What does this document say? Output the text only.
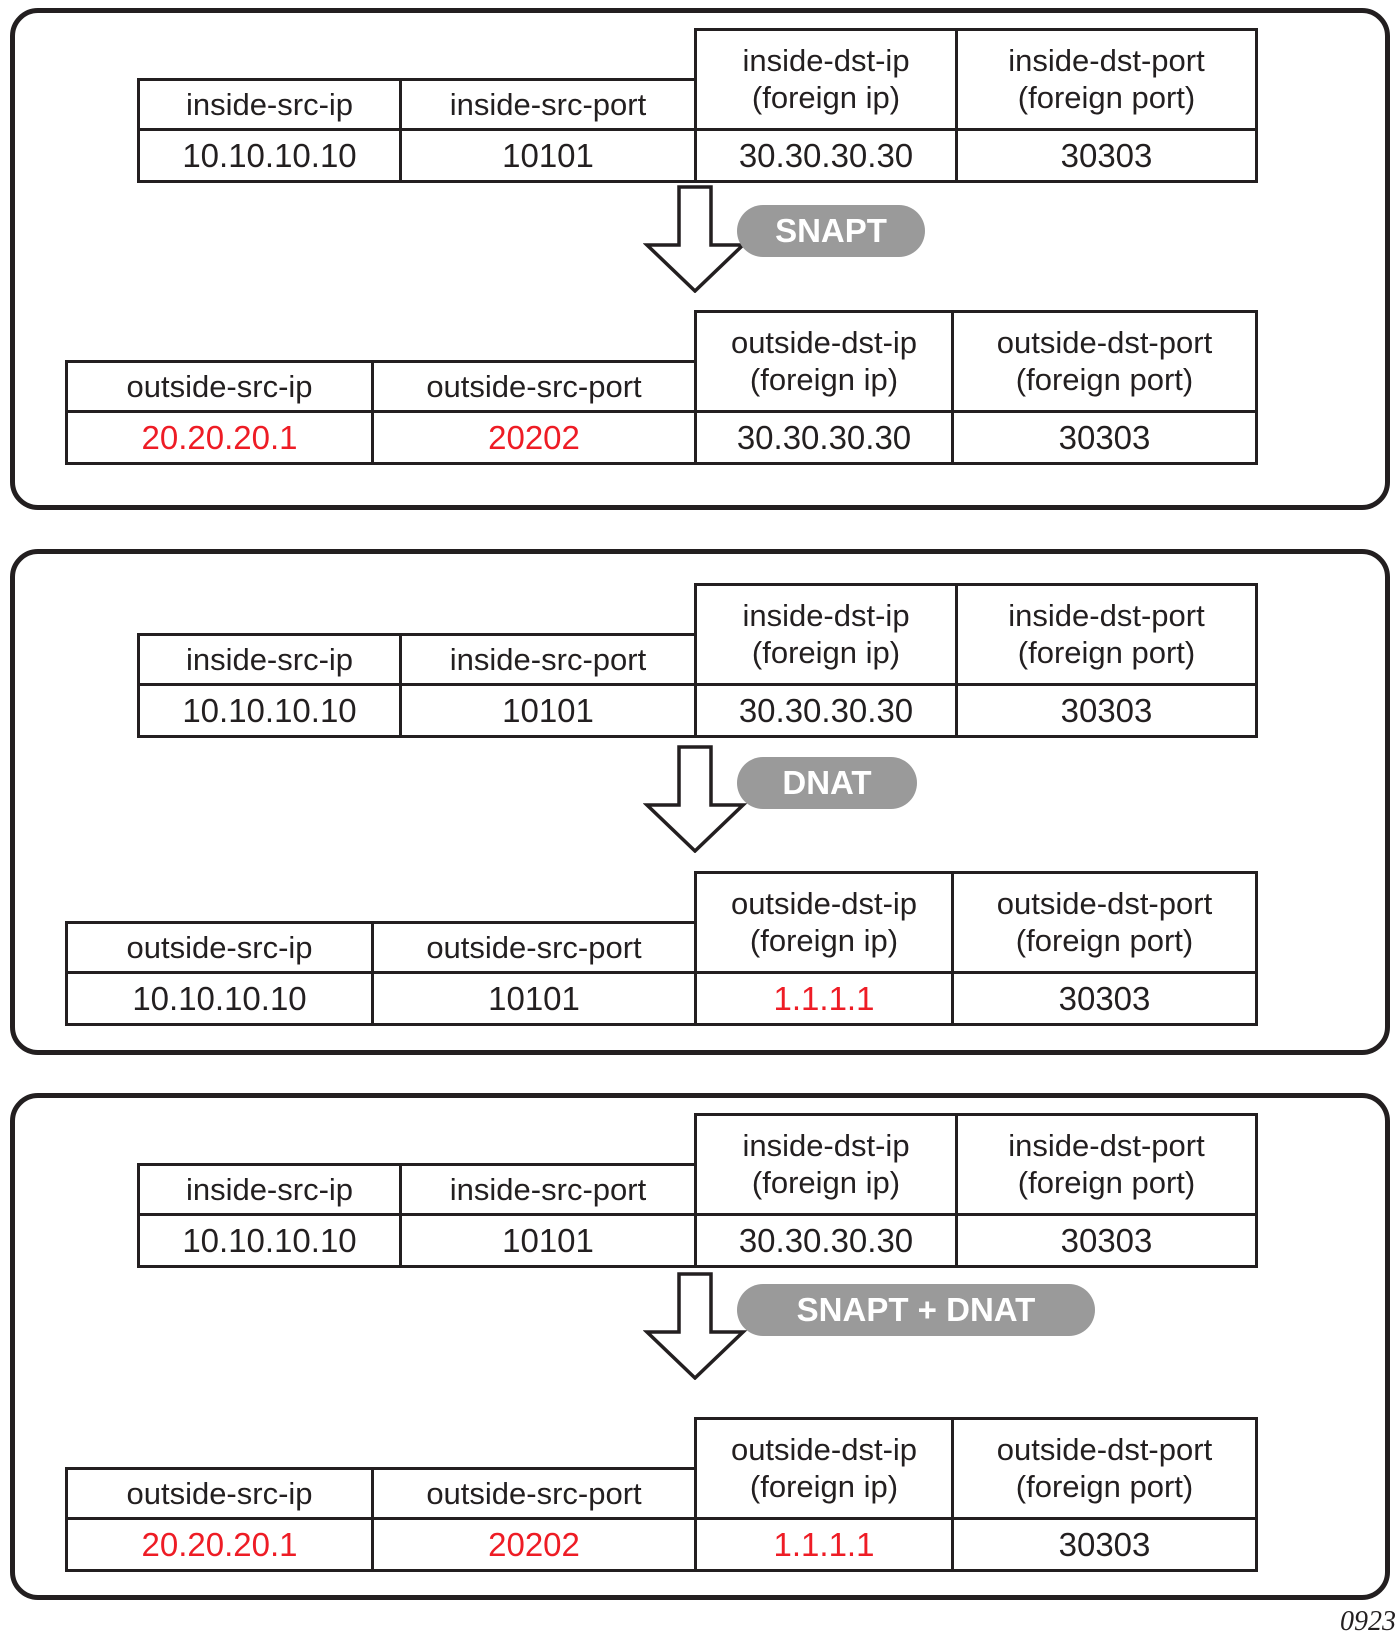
inside-src-ip
10.10.10.10
inside-src-port
10101
inside-dst-ip
(foreign ip)
30.30.30.30
inside-dst-port
(foreign port)
30303
SNAPT
outside-src-ip
20.20.20.1
outside-src-port
20202
outside-dst-ip
(foreign ip)
30.30.30.30
outside-dst-port
(foreign port)
30303
inside-src-ip
10.10.10.10
inside-src-port
10101
inside-dst-ip
(foreign ip)
30.30.30.30
inside-dst-port
(foreign port)
30303
DNAT
outside-src-ip
10.10.10.10
outside-src-port
10101
outside-dst-ip
(foreign ip)
1.1.1.1
outside-dst-port
(foreign port)
30303
inside-src-ip
10.10.10.10
inside-src-port
10101
inside-dst-ip
(foreign ip)
30.30.30.30
inside-dst-port
(foreign port)
30303
SNAPT + DNAT
outside-src-ip
20.20.20.1
outside-src-port
20202
outside-dst-ip
(foreign ip)
1.1.1.1
outside-dst-port
(foreign port)
30303
0923
